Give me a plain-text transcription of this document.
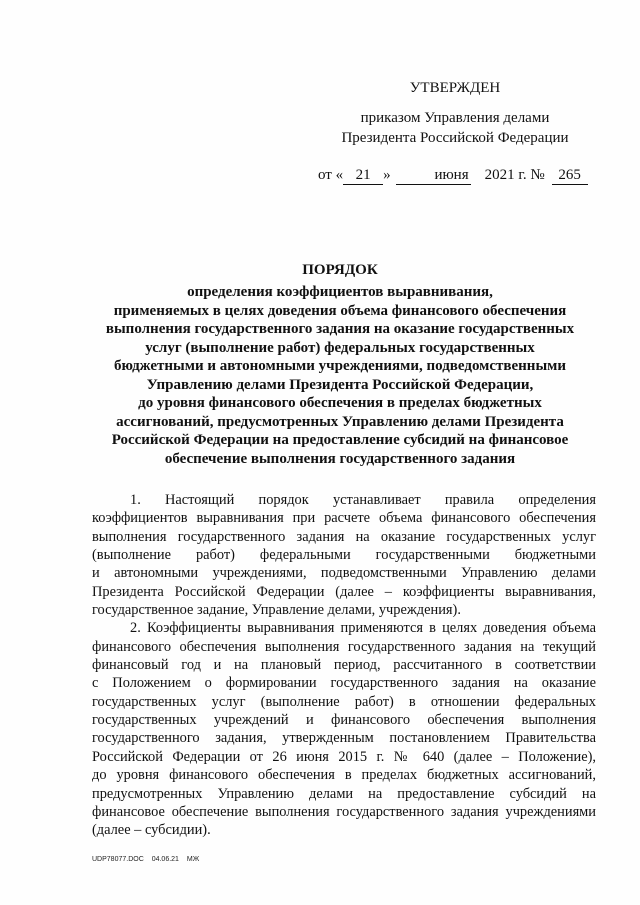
УТВЕРЖДЕН
приказом Управления делами
Президента Российской Федерации
от « 21 »	июня 2021 г. № 265
ПОРЯДОК
определения коэффициентов выравнивания,
применяемых в целях доведения объема финансового обеспечения
выполнения государственного задания на оказание государственных
услуг (выполнение работ) федеральных государственных
бюджетными и автономными учреждениями, подведомственными
Управлению делами Президента Российской Федерации,
до уровня финансового обеспечения в пределах бюджетных
ассигнований, предусмотренных Управлению делами Президента
Российской Федерации на предоставление субсидий на финансовое
обеспечение выполнения государственного задания
1. Настоящий порядок устанавливает правила определения
коэффициентов выравнивания при расчете объема финансового обеспечения
выполнения государственного задания на оказание государственных услуг
(выполнение работ) федеральными государственными бюджетными
и автономными учреждениями, подведомственными Управлению делами
Президента Российской Федерации (далее – коэффициенты выравнивания,
государственное задание, Управление делами, учреждения).
2. Коэффициенты выравнивания применяются в целях доведения объема
финансового обеспечения выполнения государственного задания на текущий
финансовый год и на плановый период, рассчитанного в соответствии
с Положением о формировании государственного задания на оказание
государственных услуг (выполнение работ) в отношении федеральных
государственных учреждений и финансового обеспечения выполнения
государственного задания, утвержденным постановлением Правительства
Российской Федерации от 26 июня 2015 г. № 640 (далее – Положение),
до уровня финансового обеспечения в пределах бюджетных ассигнований,
предусмотренных Управлению делами на предоставление субсидий на
финансовое обеспечение выполнения государственного задания учреждениями
(далее – субсидии).
UDP78077.DOC 04.06.21 МЖ
